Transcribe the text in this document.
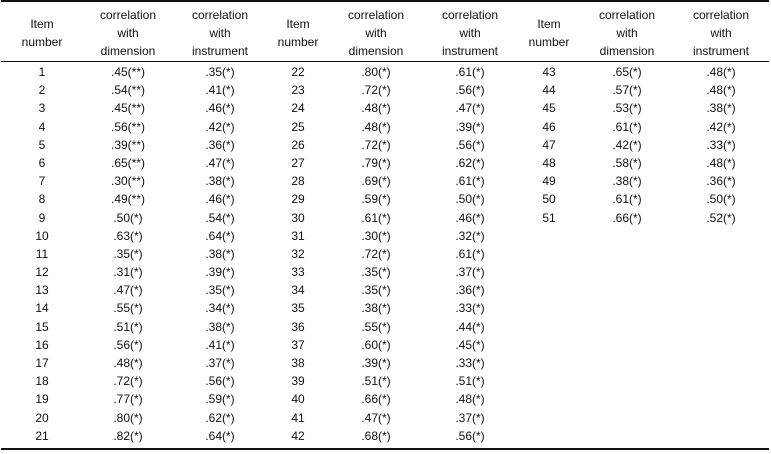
Item
number
correlation
with
dimension
correlation
with
instrument
Item
number
correlation
with
dimension
correlation
with
instrument
Item
number
correlation
with
dimension
correlation
with
instrument
1
2
3
4
5
6
7
8
9
10
11
12
13
14
15
16
17
18
19
20
21
.45(**)
.54(**)
.45(**)
.56(**)
.39(**)
.65(**)
.30(**)
.49(**)
.50(*)
.63(*)
.35(*)
.31(*)
.47(*)
.55(*)
.51(*)
.56(*)
.48(*)
.72(*)
.77(*)
.80(*)
.82(*)
.35(*)
.41(*)
.46(*)
.42(*)
.36(*)
.47(*)
.38(*)
.46(*)
.54(*)
.64(*)
.38(*)
.39(*)
.35(*)
.34(*)
.38(*)
.41(*)
.37(*)
.56(*)
.59(*)
.62(*)
.64(*)
22
23
24
25
26
27
28
29
30
31
32
33
34
35
36
37
38
39
40
41
42
.80(*)
.72(*)
.48(*)
.48(*)
.72(*)
.79(*)
.69(*)
.59(*)
.61(*)
.30(*)
.72(*)
.35(*)
.35(*)
.38(*)
.55(*)
.60(*)
.39(*)
.51(*)
.66(*)
.47(*)
.68(*)
.61(*)
.56(*)
.47(*)
.39(*)
.56(*)
.62(*)
.61(*)
.50(*)
.46(*)
.32(*)
.61(*)
.37(*)
.36(*)
.33(*)
.44(*)
.45(*)
.33(*)
.51(*)
.48(*)
.37(*)
.56(*)
43
44
45
46
47
48
49
50
51
.65(*)
.57(*)
.53(*)
.61(*)
.42(*)
.58(*)
.38(*)
.61(*)
.66(*)
.48(*)
.48(*)
.38(*)
.42(*)
.33(*)
.48(*)
.36(*)
.50(*)
.52(*)
